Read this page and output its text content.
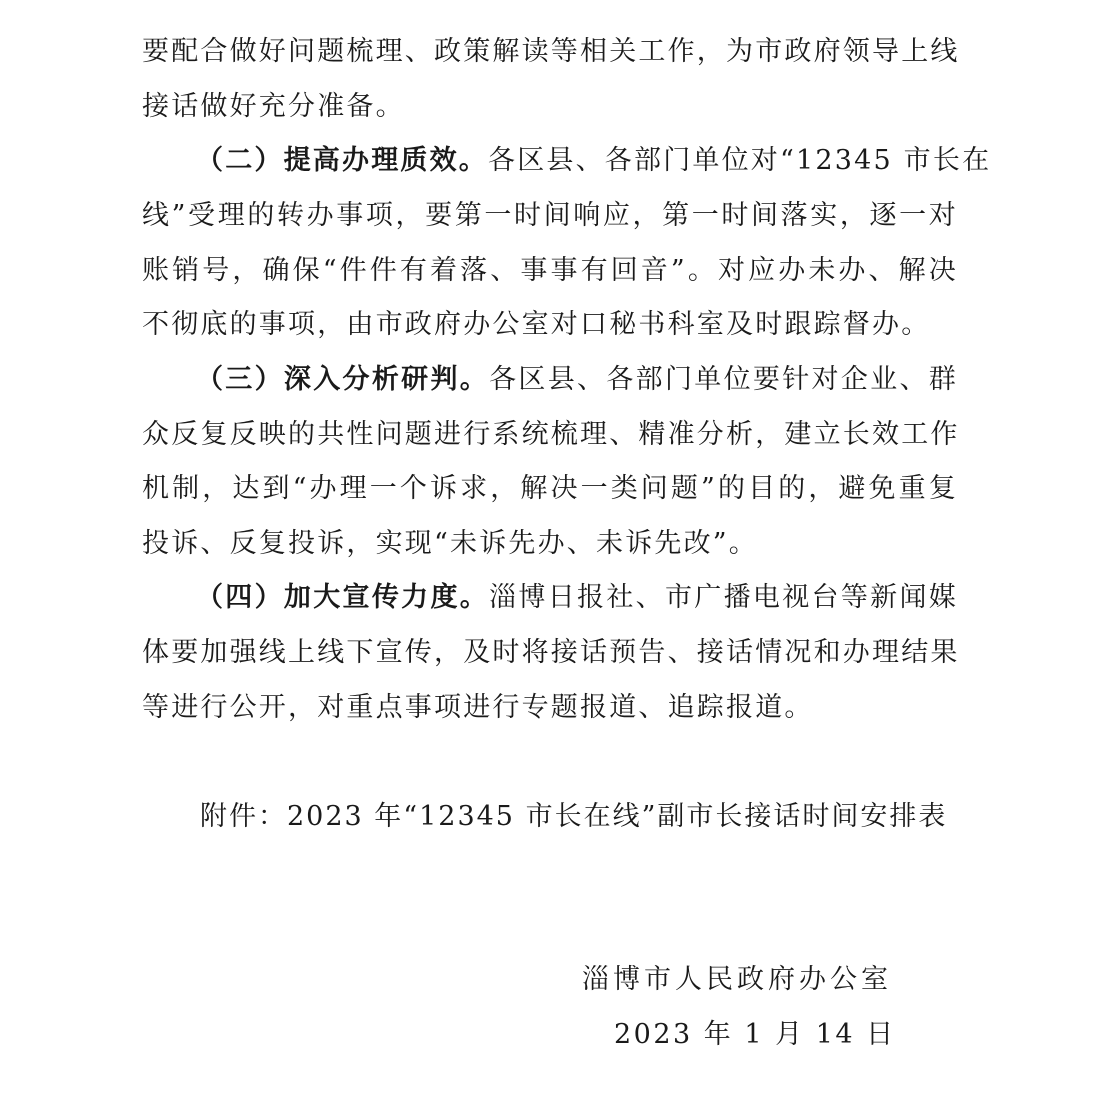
要配合做好问题梳理、政策解读等相关工作，为市政府领导上线
接话做好充分准备。
（二）提高办理质效。各区县、各部门单位对“12345 市长在
线”受理的转办事项，要第一时间响应，第一时间落实，逐一对
账销号，确保“件件有着落、事事有回音”。对应办未办、解决
不彻底的事项，由市政府办公室对口秘书科室及时跟踪督办。
（三）深入分析研判。各区县、各部门单位要针对企业、群
众反复反映的共性问题进行系统梳理、精准分析，建立长效工作
机制，达到“办理一个诉求，解决一类问题”的目的，避免重复
投诉、反复投诉，实现“未诉先办、未诉先改”。
（四）加大宣传力度。淄博日报社、市广播电视台等新闻媒
体要加强线上线下宣传，及时将接话预告、接话情况和办理结果
等进行公开，对重点事项进行专题报道、追踪报道。
附件：2023 年“12345 市长在线”副市长接话时间安排表
淄博市人民政府办公室
2023 年 1 月 14 日
